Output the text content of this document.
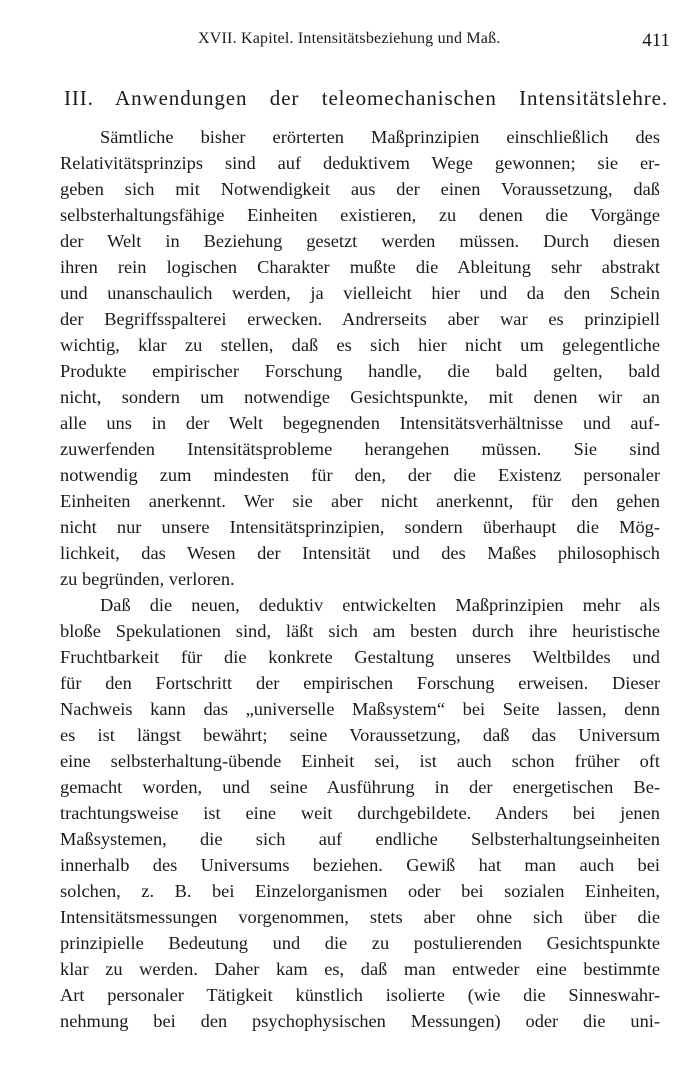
XVII. Kapitel. Intensitätsbeziehung und Maß.	411
III. Anwendungen der teleomechanischen Intensitätslehre.
Sämtliche bisher erörterten Maßprinzipien einschließlich des
Relativitätsprinzips sind auf deduktivem Wege gewonnen; sie er-
geben sich mit Notwendigkeit aus der einen Voraussetzung, daß
selbsterhaltungsfähige Einheiten existieren, zu denen die Vorgänge
der Welt in Beziehung gesetzt werden müssen. Durch diesen
ihren rein logischen Charakter mußte die Ableitung sehr abstrakt
und unanschaulich werden, ja vielleicht hier und da den Schein
der Begriffsspalterei erwecken. Andrerseits aber war es prinzipiell
wichtig, klar zu stellen, daß es sich hier nicht um gelegentliche
Produkte empirischer Forschung handle, die bald gelten, bald
nicht, sondern um notwendige Gesichtspunkte, mit denen wir an
alle uns in der Welt begegnenden Intensitätsverhältnisse und auf-
zuwerfenden Intensitätsprobleme herangehen müssen. Sie sind
notwendig zum mindesten für den, der die Existenz personaler
Einheiten anerkennt. Wer sie aber nicht anerkennt, für den gehen
nicht nur unsere Intensitätsprinzipien, sondern überhaupt die Mög-
lichkeit, das Wesen der Intensität und des Maßes philosophisch
zu begründen, verloren.
Daß die neuen, deduktiv entwickelten Maßprinzipien mehr als
bloße Spekulationen sind, läßt sich am besten durch ihre heuristische
Fruchtbarkeit für die konkrete Gestaltung unseres Weltbildes und
für den Fortschritt der empirischen Forschung erweisen. Dieser
Nachweis kann das „universelle Maßsystem“ bei Seite lassen, denn
es ist längst bewährt; seine Voraussetzung, daß das Universum
eine selbsterhaltung-übende Einheit sei, ist auch schon früher oft
gemacht worden, und seine Ausführung in der energetischen Be-
trachtungsweise ist eine weit durchgebildete. Anders bei jenen
Maßsystemen, die sich auf endliche Selbsterhaltungseinheiten
innerhalb des Universums beziehen. Gewiß hat man auch bei
solchen, z. B. bei Einzelorganismen oder bei sozialen Einheiten,
Intensitätsmessungen vorgenommen, stets aber ohne sich über die
prinzipielle Bedeutung und die zu postulierenden Gesichtspunkte
klar zu werden. Daher kam es, daß man entweder eine bestimmte
Art personaler Tätigkeit künstlich isolierte (wie die Sinneswahr-
nehmung bei den psychophysischen Messungen) oder die uni-
